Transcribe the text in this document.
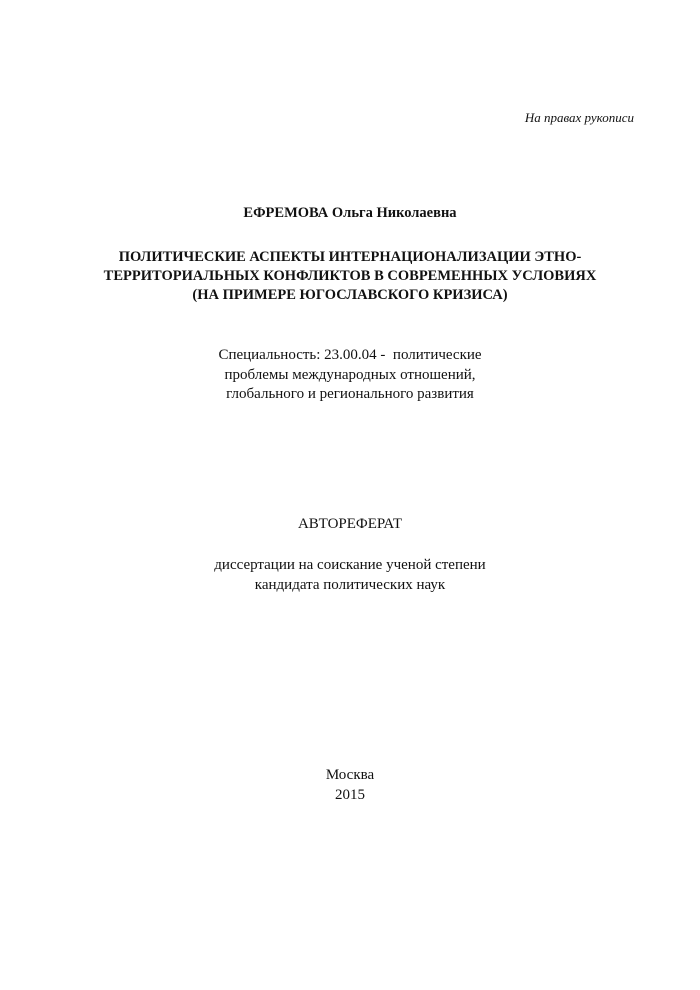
На правах рукописи
ЕФРЕМОВА Ольга Николаевна
ПОЛИТИЧЕСКИЕ АСПЕКТЫ ИНТЕРНАЦИОНАЛИЗАЦИИ ЭТНО-
ТЕРРИТОРИАЛЬНЫХ КОНФЛИКТОВ В СОВРЕМЕННЫХ УСЛОВИЯХ
(НА ПРИМЕРЕ ЮГОСЛАВСКОГО КРИЗИСА)
Специальность: 23.00.04 -  политические
проблемы международных отношений,
глобального и регионального развития
АВТОРЕФЕРАТ
диссертации на соискание ученой степени
кандидата политических наук
Москва
2015
